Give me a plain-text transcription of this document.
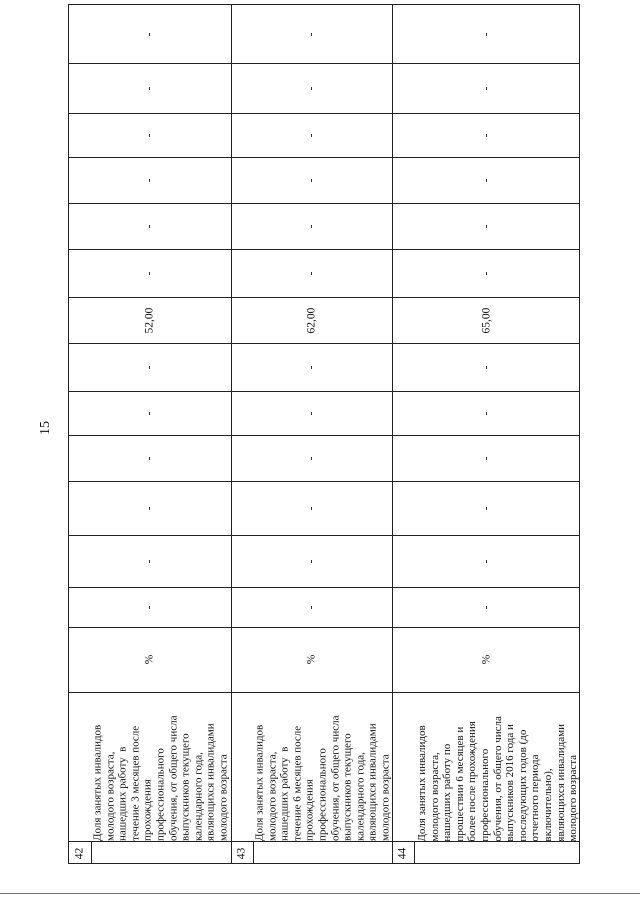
15
42
Доля занятых инвалидов
молодого возраста,
нашедших работу  в
течение 3 месяцев после
прохождения
профессионального
обучения, от общего числа
выпускников текущего
календарного года,
являющихся инвалидами
молодого возраста
%
-
-
-
-
-
-
52,00
-
-
-
-
-
-
43
Доля занятых инвалидов
молодого возраста,
нашедших работу  в
течение 6 месяцев после
прохождения
профессионального
обучения, от общего числа
выпускников текущего
календарного года,
являющихся инвалидами
молодого возраста
%
-
-
-
-
-
-
62,00
-
-
-
-
-
-
44
Доля занятых инвалидов
молодого возраста,
нашедших работу по
прошествии 6 месяцев и
более после прохождения
профессионального
обучения, от общего числа
выпускников 2016 года и
последующих годов (до
отчетного периода
включительно),
являющихся инвалидами
молодого возраста
%
-
-
-
-
-
-
65,00
-
-
-
-
-
-
